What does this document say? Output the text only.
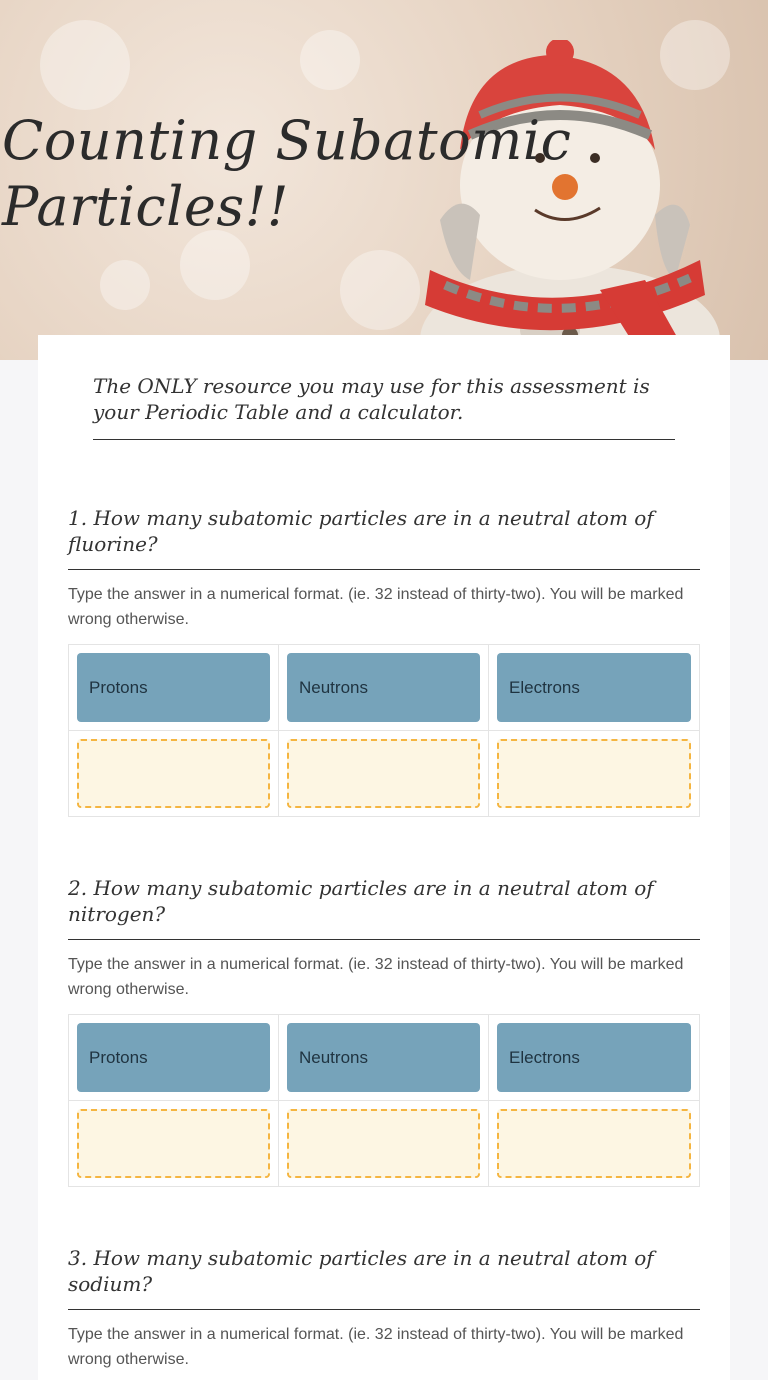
Counting Subatomic Particles!!
The ONLY resource you may use for this assessment is your Periodic Table and a calculator.
1. How many subatomic particles are in a neutral atom of fluorine?
Type the answer in a numerical format. (ie. 32 instead of thirty-two). You will be marked wrong otherwise.
Protons	Neutrons	Electrons
2. How many subatomic particles are in a neutral atom of nitrogen?
Type the answer in a numerical format. (ie. 32 instead of thirty-two). You will be marked wrong otherwise.
Protons	Neutrons	Electrons
3. How many subatomic particles are in a neutral atom of sodium?
Type the answer in a numerical format. (ie. 32 instead of thirty-two). You will be marked wrong otherwise.
